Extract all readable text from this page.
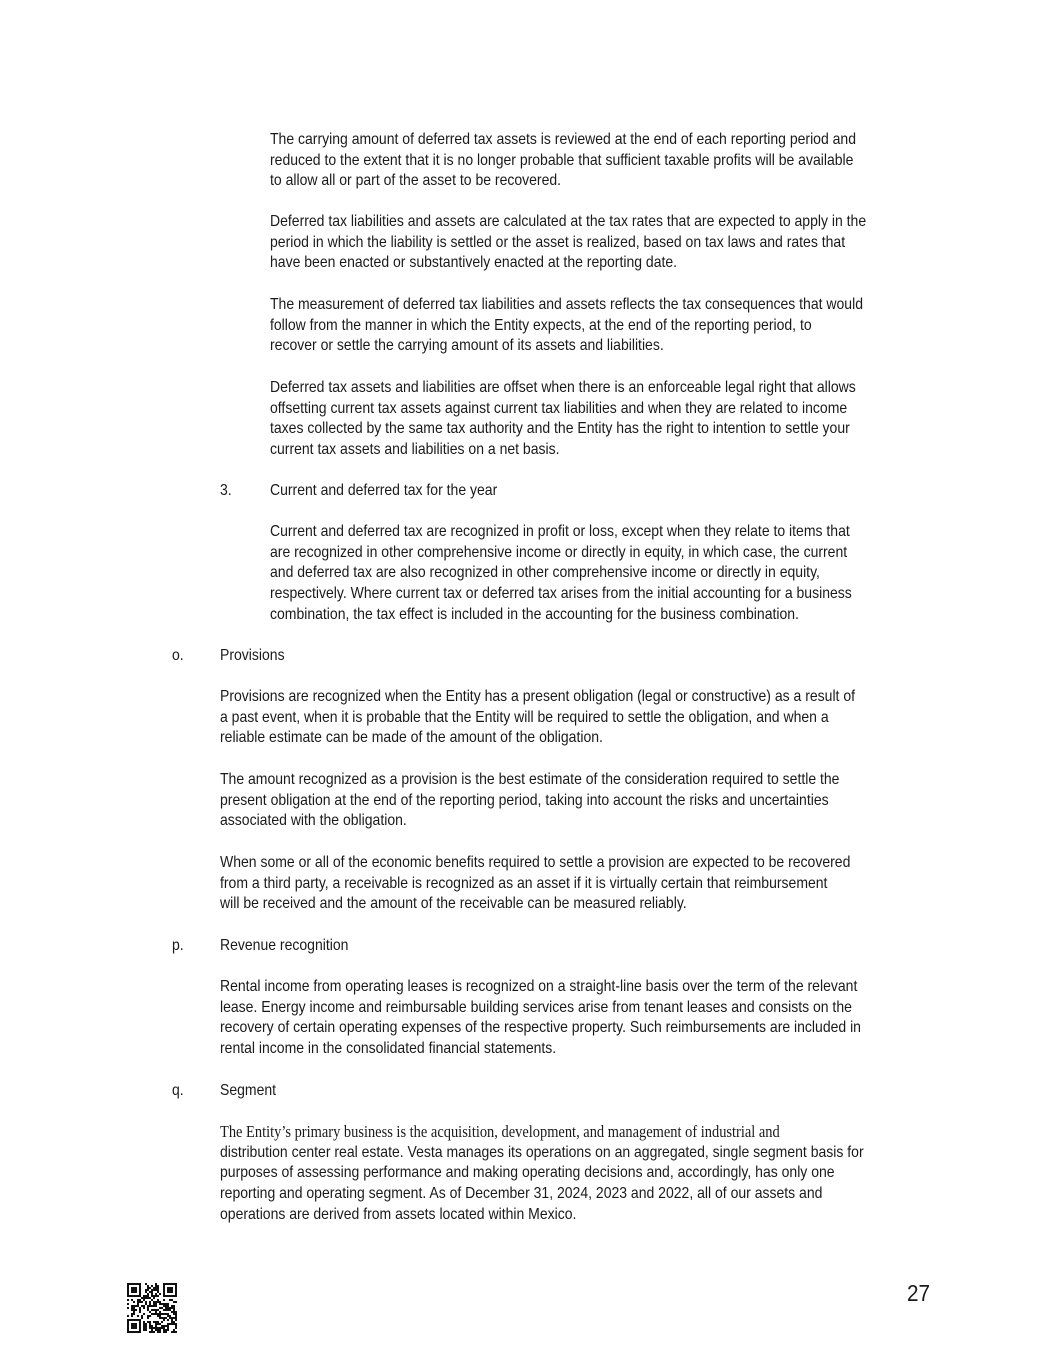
The carrying amount of deferred tax assets is reviewed at the end of each reporting period and
reduced to the extent that it is no longer probable that sufficient taxable profits will be available
to allow all or part of the asset to be recovered.
Deferred tax liabilities and assets are calculated at the tax rates that are expected to apply in the
period in which the liability is settled or the asset is realized, based on tax laws and rates that
have been enacted or substantively enacted at the reporting date.
The measurement of deferred tax liabilities and assets reflects the tax consequences that would
follow from the manner in which the Entity expects, at the end of the reporting period, to
recover or settle the carrying amount of its assets and liabilities.
Deferred tax assets and liabilities are offset when there is an enforceable legal right that allows
offsetting current tax assets against current tax liabilities and when they are related to income
taxes collected by the same tax authority and the Entity has the right to intention to settle your
current tax assets and liabilities on a net basis.
3. Current and deferred tax for the year
Current and deferred tax are recognized in profit or loss, except when they relate to items that
are recognized in other comprehensive income or directly in equity, in which case, the current
and deferred tax are also recognized in other comprehensive income or directly in equity,
respectively. Where current tax or deferred tax arises from the initial accounting for a business
combination, the tax effect is included in the accounting for the business combination.
o. Provisions
Provisions are recognized when the Entity has a present obligation (legal or constructive) as a result of
a past event, when it is probable that the Entity will be required to settle the obligation, and when a
reliable estimate can be made of the amount of the obligation.
The amount recognized as a provision is the best estimate of the consideration required to settle the
present obligation at the end of the reporting period, taking into account the risks and uncertainties
associated with the obligation.
When some or all of the economic benefits required to settle a provision are expected to be recovered
from a third party, a receivable is recognized as an asset if it is virtually certain that reimbursement
will be received and the amount of the receivable can be measured reliably.
p. Revenue recognition
Rental income from operating leases is recognized on a straight-line basis over the term of the relevant
lease. Energy income and reimbursable building services arise from tenant leases and consists on the
recovery of certain operating expenses of the respective property. Such reimbursements are included in
rental income in the consolidated financial statements.
q. Segment
The Entity’s primary business is the acquisition, development, and management of industrial and
distribution center real estate. Vesta manages its operations on an aggregated, single segment basis for
purposes of assessing performance and making operating decisions and, accordingly, has only one
reporting and operating segment. As of December 31, 2024, 2023 and 2022, all of our assets and
operations are derived from assets located within Mexico.
27
